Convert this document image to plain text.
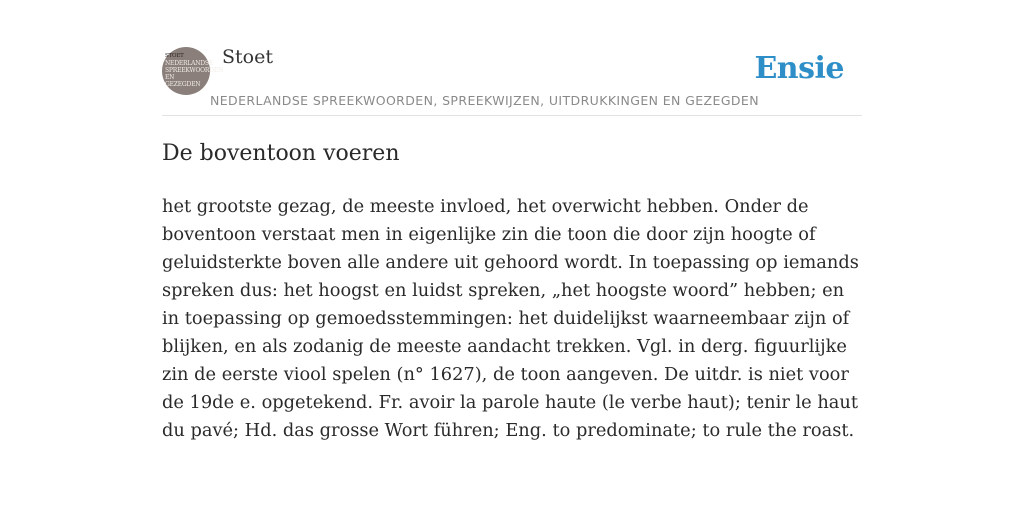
STOET
NEDERLANDSE SPREEKWOORDEN EN GEZEGDEN
Stoet	Ensie
NEDERLANDSE SPREEKWOORDEN, SPREEKWIJZEN, UITDRUKKINGEN EN GEZEGDEN
De boventoon voeren

het grootste gezag, de meeste invloed, het overwicht hebben. Onder de boventoon verstaat men in eigenlijke zin die toon die door zijn hoogte of geluidsterkte boven alle andere uit gehoord wordt. In toepassing op iemands spreken dus: het hoogst en luidst spreken, „het hoogste woord” hebben; en in toepassing op gemoedsstemmingen: het duidelijkst waarneembaar zijn of blijken, en als zodanig de meeste aandacht trekken. Vgl. in derg. figuurlijke zin de eerste viool spelen (n° 1627), de toon aangeven. De uitdr. is niet voor de 19de e. opgetekend. Fr. avoir la parole haute (le verbe haut); tenir le haut du pavé; Hd. das grosse Wort führen; Eng. to predominate; to rule the roast.
